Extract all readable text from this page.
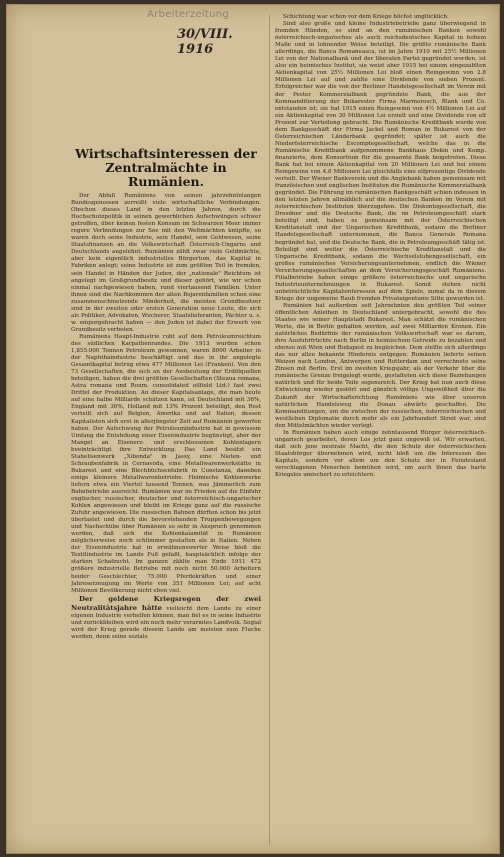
Arbeiterzeitung
30/VIII. 1916
Wirtschaftsinteressen der Zentralmächte in Rumänien.

Der Abfall Rumäniens von seinen jahrzehntelangen Bundesgenossen zerreißt viele wirtschaftliche Verbindungen. Obschon dieses Land in den letzten Jahren, durch die Hochschutzpolitik in seinen gewerblichen Aufschwüngen schwer getroffen, über keinen festen Konsum im Schwarzen Meer immer regere Verbindungen zur See mit den Weltmächten knüpfte, so waren doch seine Industrie, sein Handel, sein Geldwesen, seine Staatsfinanzen an die Volkswirtschaft Österreich-Ungarns und Deutschlands angelehnt. Rumänien zählt zwar viele Geldmächte, aber kein eigentlich industrielles Bürgertum, das Kapital in Fabriken anlegt; seine Industrie ist zum größten Teil in fremden, sein Handel in Händen der Juden, der „nationale" Reichtum ist angelegt im Großgrundbesitz und dieser gehört, wie wir schon einmal nachgewiesen haben, rund viertausend Familien. Unter ihnen sind die Nachkommen der alten Bojarenfamilien schon eine zusammenschmelzende Minderheit, die meisten Grundbesitzer sind in der zweiten oder ersten Generation neue Leute, die sich als Politiker, Advokaten, Wucherer, Staatslieferanten, Pächter u. s. w. emporgebracht haben — den Juden ist dabei der Erwerb von Grundbesitz verboten.

Rumäniens Haupt-Industrie ruht auf dem Petroleumreichtum des südlichen Karpathenrandes. Die 1913 wurden schon 1,855.000 Tonnen Petroleum gewonnen, waren 8000 Arbeiter in der Naphthaindustrie beschäftigt und das in ihr angelegte Gesamtkapital betrug etwa 477 Millionen Lei (Franken). Von den 73 Gesellschaften, die sich an der Ausbeutung der Erdölquellen beteiligen, haben die drei größten Gesellschaften (Steaua romana, Astra romana und Roum. consolidated oilfield Ltd.) fast zwei Drittel der Produktion. An dieser Kapitalsanlage, die man heute auf eine halbe Milliarde schätzen kann, ist Deutschland mit 36%, England mit 30%, Holland mit 13% Prozent beteiligt, den Rest verteilt sich auf Belgien, Amerika und auf Italien, dessen Kapitalisten sich erst in allerjüngster Zeit auf Rumänien geworfen haben. Der Aufschwung der Petroleumindustrie hat in gewissem Umfang die Entstehung einer Eisenindustrie begünstigt, aber der Mangel an Eisenerz- und erschlossenen Kohlenlagern beeinträchtigt ihre Entwicklung. Das Land besitzt ein Stahelisenwerk „Xibonda" in Jassy, eine Nieten- und Schraubenfabrik in Cernavoda, eine Metallwarenwerkstätte in Bukarest und eine Blechbüchsenfabrik in Constanza, daneben einige kleinere Metallwarenbetriebe. Heimische Kohlenwerke liefern etwa ein Viertel tausend Tonnen, was Jämmerlich zum Bahnbetriebe ausreicht. Rumänien war im Frieden auf die Einfuhr englischer, russischer, deutscher und österreichisch-ungarischer Kohlen angewiesen und bleibt im Kriege ganz auf die russische Zufuhr angewiesen. Die russischen Bahnen dürften schon bis jetzt überlastet und durch die bevorstehenden Truppenbewegungen und Nachschübe über Rumänien so sehr in Anspruch genommen werden, daß sich die Kohlenkalamität in Rumänien möglicherweise noch schlimmer gestalten als in Italien. Neben der Eisenindustrie hat in erwähnenswerter Weise bloß die Textilindustrie im Lande Fuß gefaßt, hauptsächlich infolge der starken Schafzucht. Im ganzen zählte man Ende 1911 472 größere industrielle Betriebe mit noch nicht 50.000 Arbeitern beider Geschlechter, 75.000 Pferdekräften und einer Jahreserzeugung im Werte von 351 Millionen Lei; auf acht Millionen Bevölkerung nicht eben viel.

Der geldene Kriegsregen der zwei Neutralitätsjahre hätte vielleicht dem Lande zu einer eigenen Industrie verhelfen können, man fiel es in seine Industrie und zurückbleiben wird ein noch mehr verarmtes Landvolk. Sogial wird der Krieg gerade diesem Lande am meisten zum Fluche werden, denn seine soziale

Schichtung war schon vor dem Kriege höchst unglücklich.

Sind also große und kleine Industriebetriebe ganz überwiegend in fremden Händen, so sind an den rumänischen Banken sowohl österreichisch-ungarisches als auch reichsdeutsches Kapital in hohem Maße und in lohnender Weise beteiligt. Die größte rumänische Bank allerdings, die Banca Romaneasca, ist im Jahre 1910 mit 25½ Millionen Lei von der Nationalbank und der liberalen Partei gegründet worden, ist also ein heimisches Institut, sie weist aber 1915 bei einem eingezahlten Aktienkapital von 25½ Millionen Lei bloß einen Reingewinn von 2.8 Millionen Lei auf und zahlte eine Dividende von sieben Prozent. Erfolgreicher war die von der Berliner Handelsgesellschaft im Verein mit der Pester Kommerzialbank gegründete Bank, die aus der Kommanditierung der Bukarester Firma Marmorosch, Blank und Co. entstanden ist; sie hat 1915 einen Reingewinn von 4½ Millionen Lei auf ein Aktienkapital von 30 Millionen Lei erzielt und eine Dividende von elf Prozent zur Verteilung gebracht. Die Rumänische Kreditbank wurde von dem Bankgeschäft der Firma Jackel und Roman in Bukarest von der Österreichischen Länderbank gegründet; später ist auch die Niederösterreichische Escomptegesellschaft, welche das in die Rumänische Kreditbank aufgenommene Bankhaus Diskin und Komp. finanzierte, dem Konsortium für die genannte Bank beigetreten. Diese Bank hat bei einem Aktienkapital von 20 Millionen Lei und bei einem Reingewinn von 4.8 Millionen Lei gleichfalls eine elfprozentige Dividende verteilt. Der Wiener Bankverein und die Anglobank haben gemeinsam mit französischen und englischen Instituten die Rumänische Kommerzialbank gegründet. Die Führung im rumänischen Bankgeschäft schien indessen in den letzten Jahren allmählich auf die deutschen Banken im Verein mit österreichischen Instituten überzugehen. Die Diskontogesellschaft, die Dresdner und die Deutsche Bank, die im Petroleumgeschäft stark beteiligt sind, haben es gemeinsam mit der Österreichischen Kreditanstalt und der Ungarischen Kreditbank, sodann die Berliner Handelsgesellschaft unternommen, die Banca Generale Romana begründet hat, und die Deutsche Bank, die in Petroleumgeschäft tätig ist. Beteiligt sind weiter die Österreichische Kreditanstalt und die Ungarische Kreditbank, sodann die Wechselstubengesellschaft, ein großes rumänisches Versicherungsunternehmen, endlich die Wiener Versicherungsgesellschaften an dem Versicherungsgeschäft Rumäniens. Filialbetriebe haben einige größere österreichische und ungarische Industrieunternehmungen in Bukarest. Somit stehen nicht unbeträchtliche Kapitalsinteressen auf dem Spiele, zumal da in diesem Kriege der ungemeine Raub fremden Privateigentums Sitte geworden ist.

Rumänien hat außerdem seit Jahrzehnten den größten Teil seiner öffentlichen Anleihen in Deutschland untergebracht, sowohl die des Staates wie seiner Hauptstadt Bukarest. Man schätzt die rumänischen Werte, die in Berlin gehalten werden, auf zwei Milliarden Kronen. Ein natürliches Bedürfnis der rumänischen Volkswirtschaft war es darum, ihre Ausfuhrfrüchte nach Berlin in heimischem Getreide zu bezahlen und ebenso mit Wien und Budapest zu begleichen. Dem stellte sich allerdings das nur allzu bekannte Hindernis entgegen. Rumänien lieferte seinen Weizen nach London, Antwerpen und Rotterdam und verrechnete seine Zinsen mit Berlin. Erst im zweiten Kriegsjahr, als der Verkehr über die rumänische Grenze freigelegt wurde, gestalteten sich diese Beziehungen natürlich und für beide Teile segensreich. Der Krieg hat nun auch diese Entwicklung wieder gestört und gänzlich völlige Ungewißheit über die Zukunft der Wirtschaftsrichtung Rumäniens wie über unseren natürlichen Handelsweg die Donau abwärts geschaffen. Die Kommanditungen, um die zwischen der russischen, österreichischen und westlichen Diplomatie durch mehr als ein Jahrhundert Streit war, sind den Mittelmächten wieder verlegt.

In Rumänien haben auch einige zehntausend Bürger österreichisch-ungarisch gearbeitet, deren Los jetzt ganz ungewiß ist. Wir erwarten, daß sich jene neutrale Macht, die den Schutz der österreichischen Staatsbürger übernehmen wird, nicht bloß um die Interessen des Kapitals, sondern vor allem um den Schutz der in Feindesland verschlagenen Menschen bemühen wird, um auch ihnen das harte Kriegslos umischert zu erleichtern.
